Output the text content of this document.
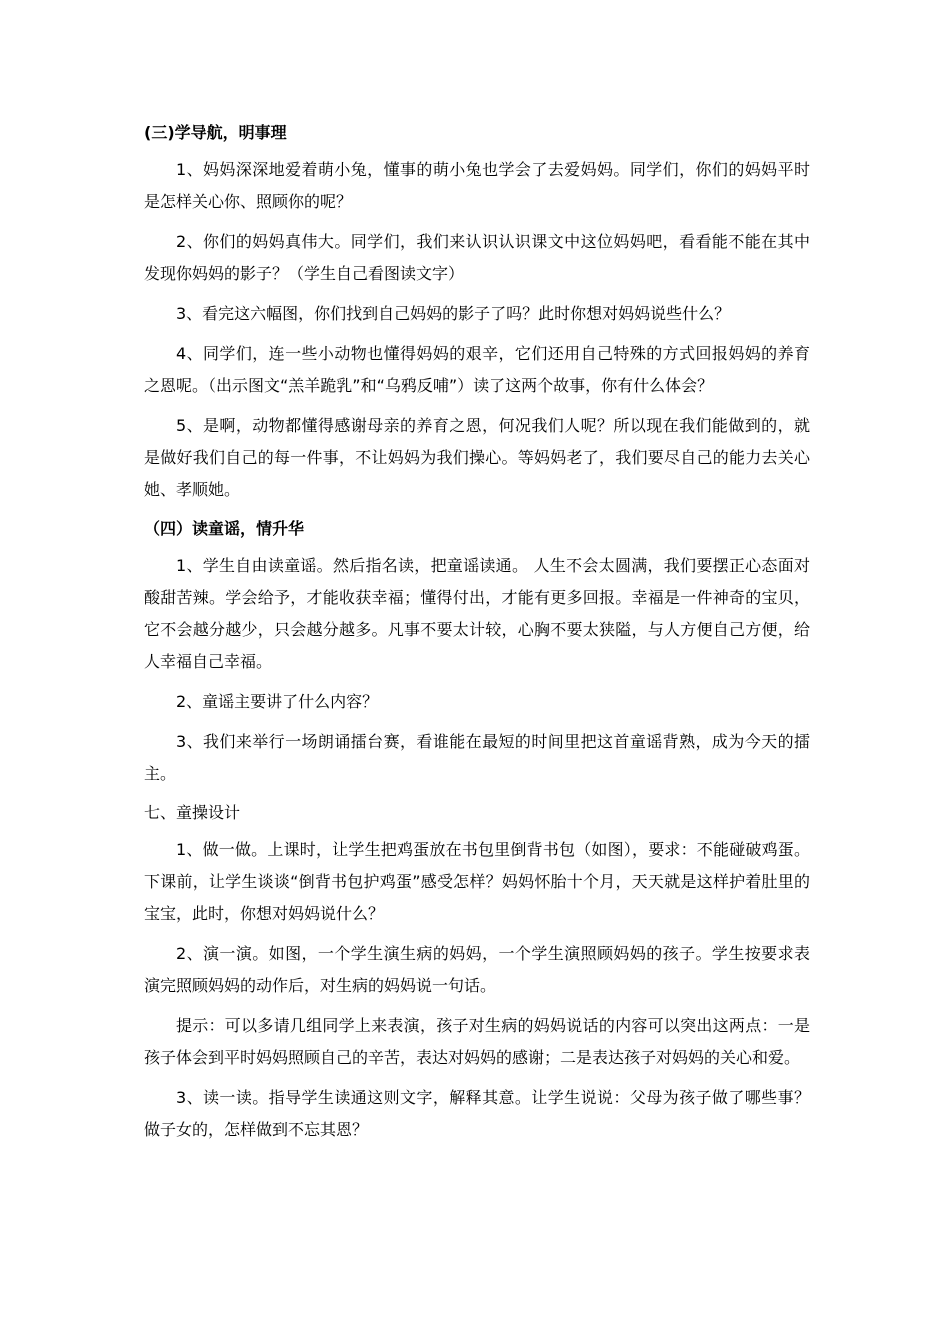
(三)学导航，明事理

1、妈妈深深地爱着萌小兔，懂事的萌小兔也学会了去爱妈妈。同学们，你们的妈妈平时是怎样关心你、照顾你的呢？

2、你们的妈妈真伟大。同学们，我们来认识认识课文中这位妈妈吧，看看能不能在其中发现你妈妈的影子？（学生自己看图读文字）

3、看完这六幅图，你们找到自己妈妈的影子了吗？此时你想对妈妈说些什么？

4、同学们，连一些小动物也懂得妈妈的艰辛，它们还用自己特殊的方式回报妈妈的养育之恩呢。（出示图文“羔羊跪乳”和“乌鸦反哺”）读了这两个故事，你有什么体会？

5、是啊，动物都懂得感谢母亲的养育之恩，何况我们人呢？所以现在我们能做到的，就是做好我们自己的每一件事，不让妈妈为我们操心。等妈妈老了，我们要尽自己的能力去关心她、孝顺她。

（四）读童谣，情升华

1、学生自由读童谣。然后指名读，把童谣读通。 人生不会太圆满，我们要摆正心态面对酸甜苦辣。学会给予，才能收获幸福；懂得付出，才能有更多回报。幸福是一件神奇的宝贝，它不会越分越少，只会越分越多。凡事不要太计较，心胸不要太狭隘，与人方便自己方便，给人幸福自己幸福。

2、童谣主要讲了什么内容？

3、我们来举行一场朗诵擂台赛，看谁能在最短的时间里把这首童谣背熟，成为今天的擂主。

七、童操设计

1、做一做。上课时，让学生把鸡蛋放在书包里倒背书包（如图），要求：不能碰破鸡蛋。下课前，让学生谈谈“倒背书包护鸡蛋”感受怎样？妈妈怀胎十个月，天天就是这样护着肚里的宝宝，此时，你想对妈妈说什么？

2、演一演。如图，一个学生演生病的妈妈，一个学生演照顾妈妈的孩子。学生按要求表演完照顾妈妈的动作后，对生病的妈妈说一句话。

提示：可以多请几组同学上来表演，孩子对生病的妈妈说话的内容可以突出这两点：一是孩子体会到平时妈妈照顾自己的辛苦，表达对妈妈的感谢；二是表达孩子对妈妈的关心和爱。

3、读一读。指导学生读通这则文字，解释其意。让学生说说：父母为孩子做了哪些事？做子女的，怎样做到不忘其恩？
